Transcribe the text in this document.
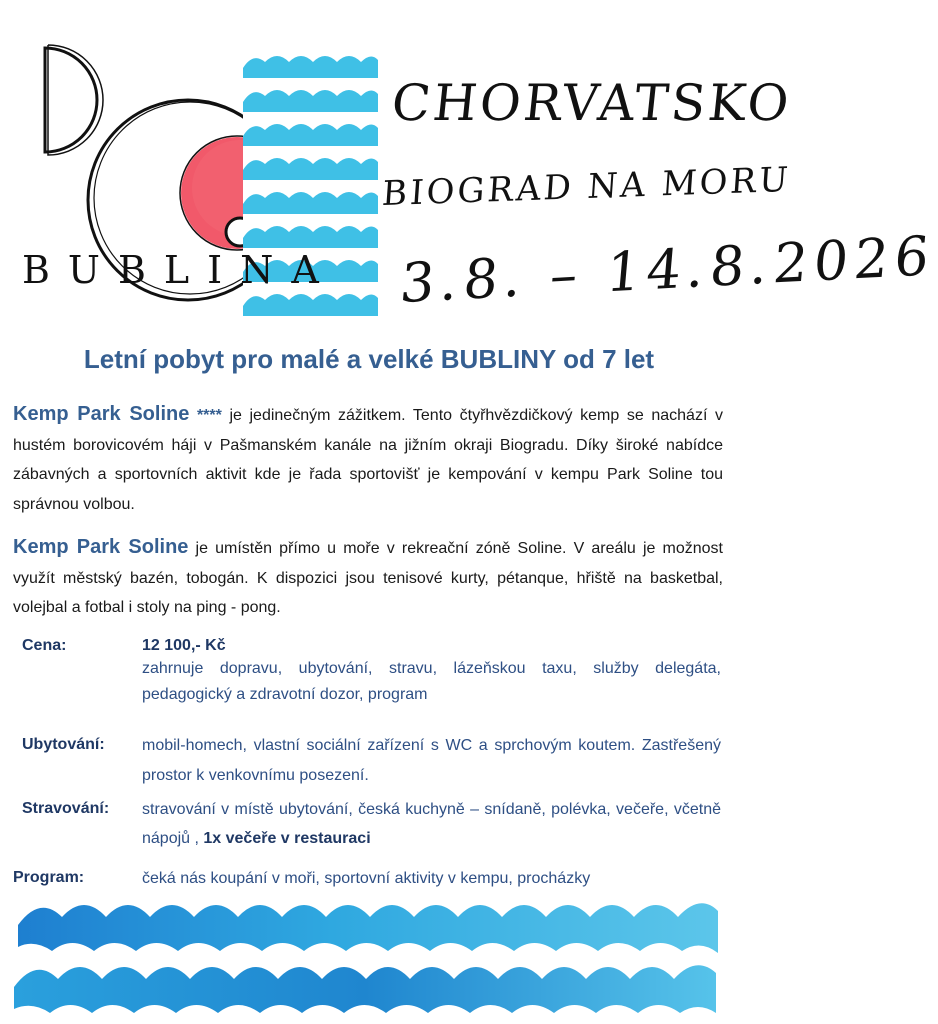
CHORVATSKO
BIOGRAD NA MORU
3.8. – 14.8.2026
BUBLINA
Letní pobyt pro malé a velké BUBLINY od 7 let
Kemp Park Soline **** je jedinečným zážitkem. Tento čtyřhvězdičkový kemp se nachází v hustém borovicovém háji v Pašmanském kanále na jižním okraji Biogradu. Díky široké nabídce zábavných a sportovních aktivit kde je řada sportovišť je kempování v kempu Park Soline tou správnou volbou.
Kemp Park Soline je umístěn přímo u moře v rekreační zóně Soline. V areálu je možnost využít městský bazén, tobogán. K dispozici jsou tenisové kurty, pétanque, hřiště na basketbal, volejbal a fotbal i stoly na ping - pong.
Cena:	12 100,- Kč
zahrnuje dopravu, ubytování, stravu, lázeňskou taxu, služby delegáta, pedagogický a zdravotní dozor, program
Ubytování: mobil-homech, vlastní sociální zařízení s WC a sprchovým koutem. Zastřešený prostor k venkovnímu posezení.
Stravování: stravování v místě ubytování, česká kuchyně – snídaně, polévka, večeře, včetně nápojů , 1x večeře v restauraci
Program:	čeká nás koupání v moři, sportovní aktivity v kempu, procházky
